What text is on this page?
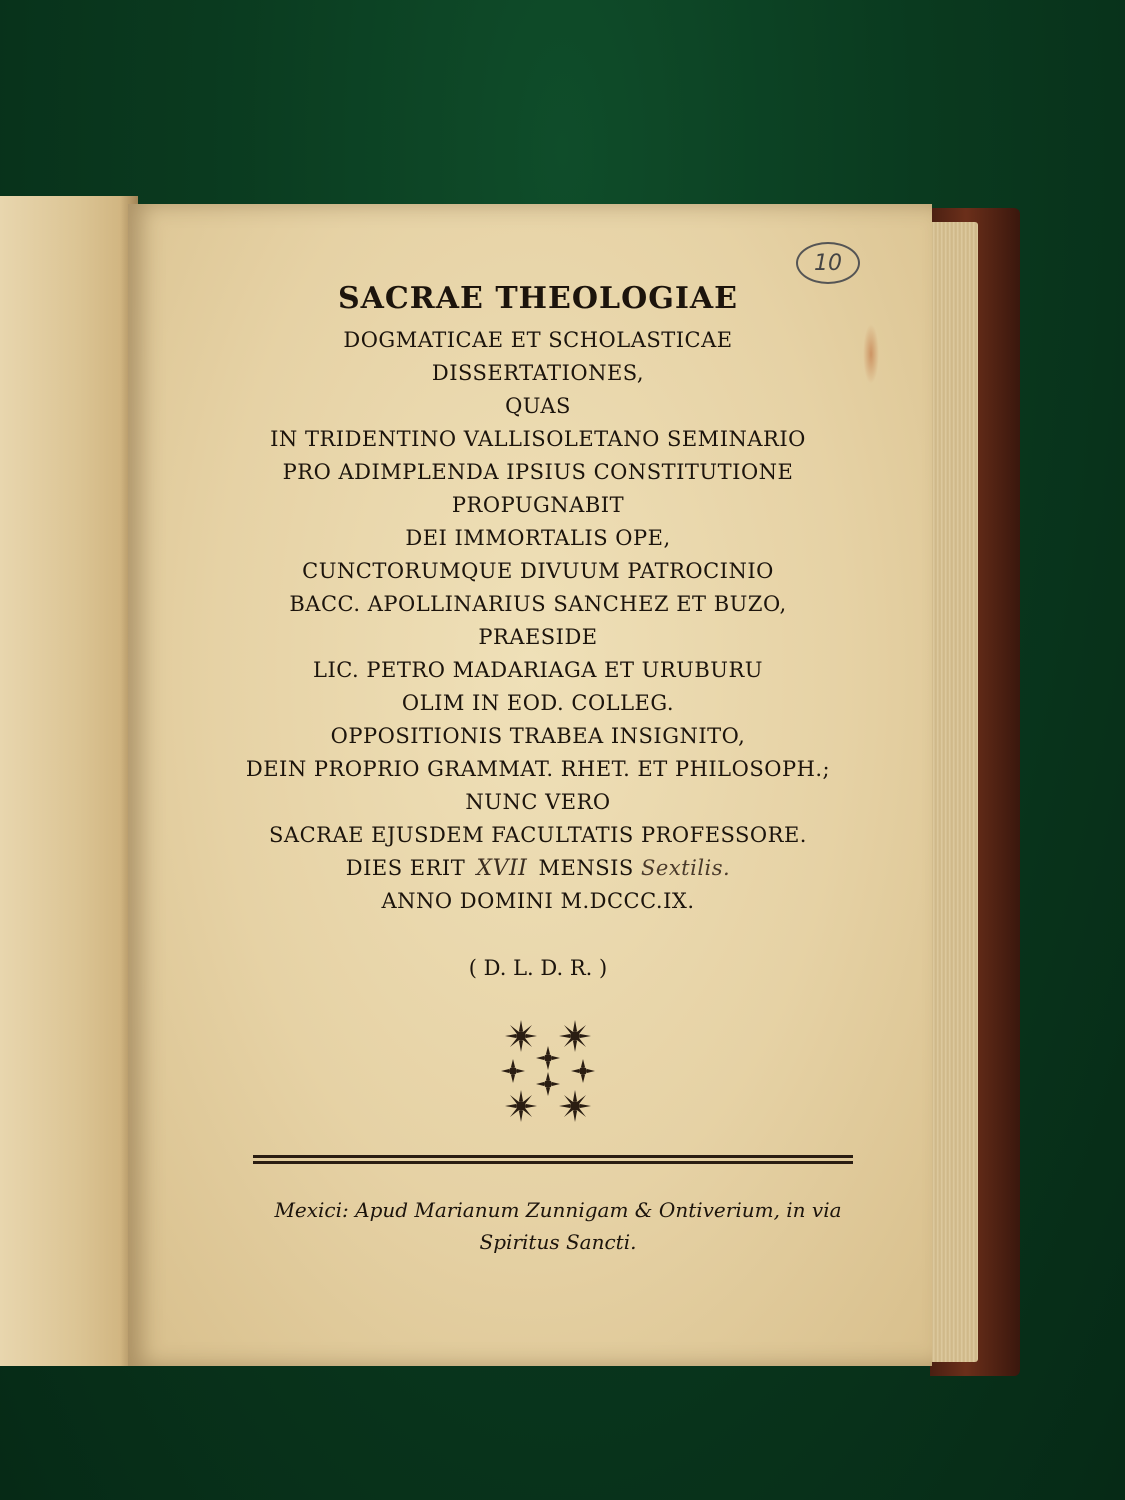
10
SACRAE THEOLOGIAE
DOGMATICAE ET SCHOLASTICAE
DISSERTATIONES,
QUAS
IN TRIDENTINO VALLISOLETANO SEMINARIO
PRO ADIMPLENDA IPSIUS CONSTITUTIONE
PROPUGNABIT
DEI IMMORTALIS OPE,
CUNCTORUMQUE DIVUUM PATROCINIO
BACC. APOLLINARIUS SANCHEZ ET BUZO,
PRAESIDE
LIC. PETRO MADARIAGA ET URUBURU
OLIM IN EOD. COLLEG.
OPPOSITIONIS TRABEA INSIGNITO,
DEIN PROPRIO GRAMMAT. RHET. ET PHILOSOPH.;
NUNC VERO
SACRAE EJUSDEM FACULTATIS PROFESSORE.
DIES ERIT XVII MENSIS Sextilis.
ANNO DOMINI M.DCCC.IX.
( D. L. D. R. )
Mexici: Apud Marianum Zunnigam & Ontiverium, in via
Spiritus Sancti.
